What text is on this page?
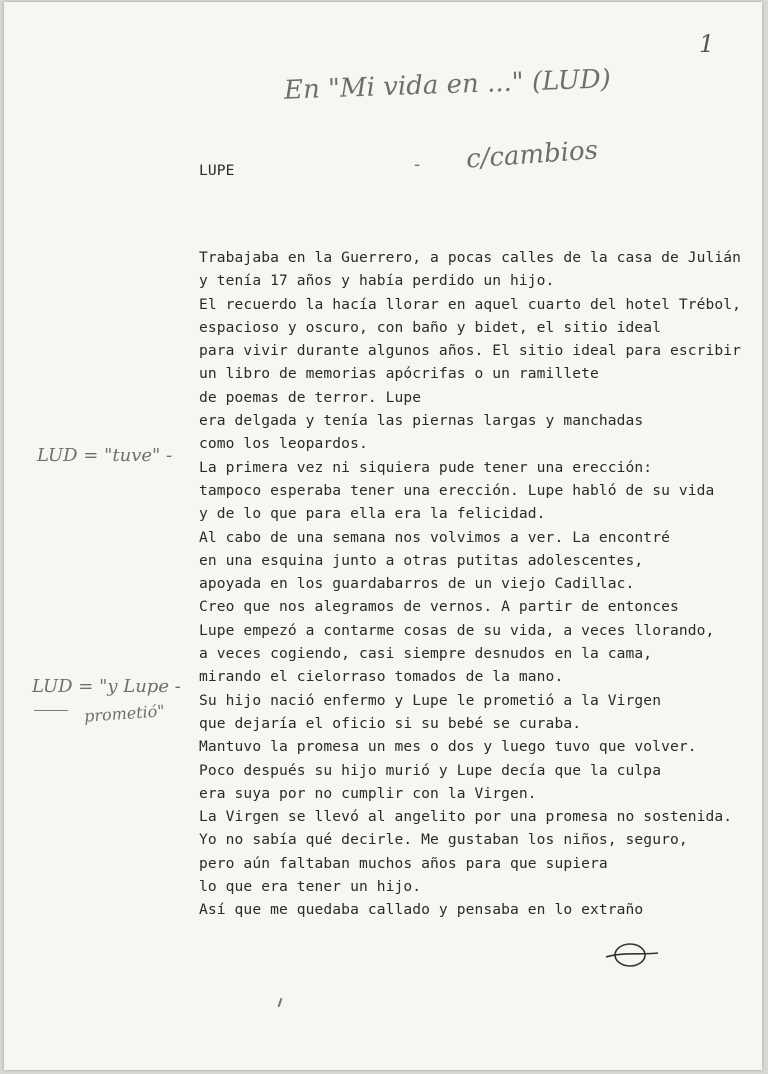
1
En "Mi vida en ..." (LUD)
- c/cambios
LUPE
Trabajaba en la Guerrero, a pocas calles de la casa de Julián
y tenía 17 años y había perdido un hijo.
El recuerdo la hacía llorar en aquel cuarto del hotel Trébol,
espacioso y oscuro, con baño y bidet, el sitio ideal
para vivir durante algunos años. El sitio ideal para escribir
un libro de memorias apócrifas o un ramillete
de poemas de terror. Lupe
era delgada y tenía las piernas largas y manchadas
como los leopardos.
La primera vez ni siquiera pude tener una erección:
tampoco esperaba tener una erección. Lupe habló de su vida
y de lo que para ella era la felicidad.
Al cabo de una semana nos volvimos a ver. La encontré
en una esquina junto a otras putitas adolescentes,
apoyada en los guardabarros de un viejo Cadillac.
Creo que nos alegramos de vernos. A partir de entonces
Lupe empezó a contarme cosas de su vida, a veces llorando,
a veces cogiendo, casi siempre desnudos en la cama,
mirando el cielorraso tomados de la mano.
Su hijo nació enfermo y Lupe le prometió a la Virgen
que dejaría el oficio si su bebé se curaba.
Mantuvo la promesa un mes o dos y luego tuvo que volver.
Poco después su hijo murió y Lupe decía que la culpa
era suya por no cumplir con la Virgen.
La Virgen se llevó al angelito por una promesa no sostenida.
Yo no sabía qué decirle. Me gustaban los niños, seguro,
pero aún faltaban muchos años para que supiera
lo que era tener un hijo.
Así que me quedaba callado y pensaba en lo extraño
LUD = "tuve" -
LUD = "y Lupe -
prometió"
